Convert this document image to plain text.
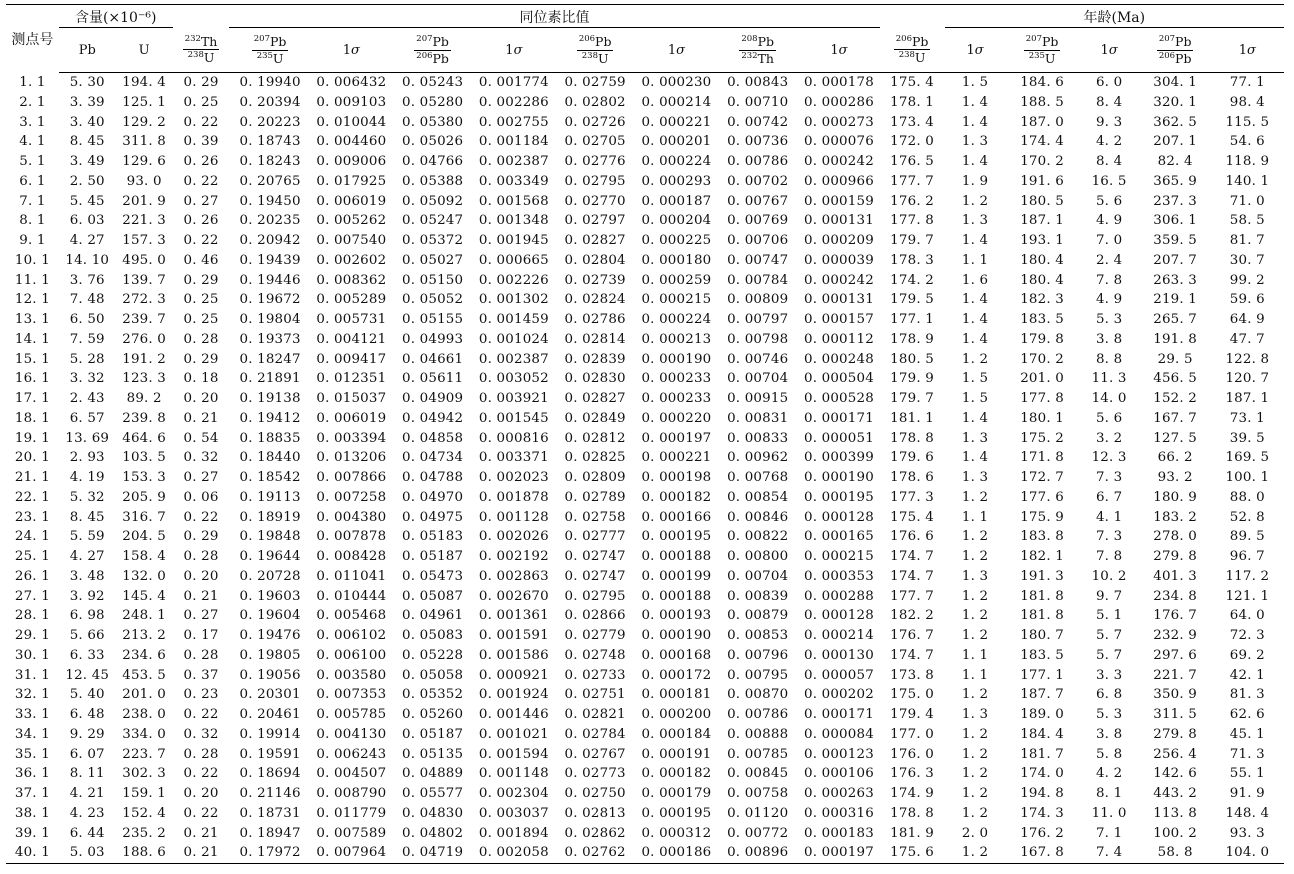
测点号	含量(×10⁻⁶)			同位素比值									年龄(Ma)				
	Pb	U	$\frac{^{232}Th}{^{238}U}$	$\frac{^{207}Pb}{^{235}U}$	1σ	$\frac{^{207}Pb}{^{206}Pb}$	1σ	$\frac{^{206}Pb}{^{238}U}$	1σ	$\frac{^{208}Pb}{^{232}Th}$	1σ	$\frac{^{206}Pb}{^{238}U}$	1σ	$\frac{^{207}Pb}{^{235}U}$	1σ	$\frac{^{207}Pb}{^{206}Pb}$	1σ
1. 1	5. 30	194. 4	0. 29	0. 19940	0. 006432	0. 05243	0. 001774	0. 02759	0. 000230	0. 00843	0. 000178	175. 4	1. 5	184. 6	6. 0	304. 1	77. 1
2. 1	3. 39	125. 1	0. 25	0. 20394	0. 009103	0. 05280	0. 002286	0. 02802	0. 000214	0. 00710	0. 000286	178. 1	1. 4	188. 5	8. 4	320. 1	98. 4
3. 1	3. 40	129. 2	0. 22	0. 20223	0. 010044	0. 05380	0. 002755	0. 02726	0. 000221	0. 00742	0. 000273	173. 4	1. 4	187. 0	9. 3	362. 5	115. 5
4. 1	8. 45	311. 8	0. 39	0. 18743	0. 004460	0. 05026	0. 001184	0. 02705	0. 000201	0. 00736	0. 000076	172. 0	1. 3	174. 4	4. 2	207. 1	54. 6
5. 1	3. 49	129. 6	0. 26	0. 18243	0. 009006	0. 04766	0. 002387	0. 02776	0. 000224	0. 00786	0. 000242	176. 5	1. 4	170. 2	8. 4	82. 4	118. 9
6. 1	2. 50	93. 0	0. 22	0. 20765	0. 017925	0. 05388	0. 003349	0. 02795	0. 000293	0. 00702	0. 000966	177. 7	1. 9	191. 6	16. 5	365. 9	140. 1
7. 1	5. 45	201. 9	0. 27	0. 19450	0. 006019	0. 05092	0. 001568	0. 02770	0. 000187	0. 00767	0. 000159	176. 2	1. 2	180. 5	5. 6	237. 3	71. 0
8. 1	6. 03	221. 3	0. 26	0. 20235	0. 005262	0. 05247	0. 001348	0. 02797	0. 000204	0. 00769	0. 000131	177. 8	1. 3	187. 1	4. 9	306. 1	58. 5
9. 1	4. 27	157. 3	0. 22	0. 20942	0. 007540	0. 05372	0. 001945	0. 02827	0. 000225	0. 00706	0. 000209	179. 7	1. 4	193. 1	7. 0	359. 5	81. 7
10. 1	14. 10	495. 0	0. 46	0. 19439	0. 002602	0. 05027	0. 000665	0. 02804	0. 000180	0. 00747	0. 000039	178. 3	1. 1	180. 4	2. 4	207. 7	30. 7
11. 1	3. 76	139. 7	0. 29	0. 19446	0. 008362	0. 05150	0. 002226	0. 02739	0. 000259	0. 00784	0. 000242	174. 2	1. 6	180. 4	7. 8	263. 3	99. 2
12. 1	7. 48	272. 3	0. 25	0. 19672	0. 005289	0. 05052	0. 001302	0. 02824	0. 000215	0. 00809	0. 000131	179. 5	1. 4	182. 3	4. 9	219. 1	59. 6
13. 1	6. 50	239. 7	0. 25	0. 19804	0. 005731	0. 05155	0. 001459	0. 02786	0. 000224	0. 00797	0. 000157	177. 1	1. 4	183. 5	5. 3	265. 7	64. 9
14. 1	7. 59	276. 0	0. 28	0. 19373	0. 004121	0. 04993	0. 001024	0. 02814	0. 000213	0. 00798	0. 000112	178. 9	1. 4	179. 8	3. 8	191. 8	47. 7
15. 1	5. 28	191. 2	0. 29	0. 18247	0. 009417	0. 04661	0. 002387	0. 02839	0. 000190	0. 00746	0. 000248	180. 5	1. 2	170. 2	8. 8	29. 5	122. 8
16. 1	3. 32	123. 3	0. 18	0. 21891	0. 012351	0. 05611	0. 003052	0. 02830	0. 000233	0. 00704	0. 000504	179. 9	1. 5	201. 0	11. 3	456. 5	120. 7
17. 1	2. 43	89. 2	0. 20	0. 19138	0. 015037	0. 04909	0. 003921	0. 02827	0. 000233	0. 00915	0. 000528	179. 7	1. 5	177. 8	14. 0	152. 2	187. 1
18. 1	6. 57	239. 8	0. 21	0. 19412	0. 006019	0. 04942	0. 001545	0. 02849	0. 000220	0. 00831	0. 000171	181. 1	1. 4	180. 1	5. 6	167. 7	73. 1
19. 1	13. 69	464. 6	0. 54	0. 18835	0. 003394	0. 04858	0. 000816	0. 02812	0. 000197	0. 00833	0. 000051	178. 8	1. 3	175. 2	3. 2	127. 5	39. 5
20. 1	2. 93	103. 5	0. 32	0. 18440	0. 013206	0. 04734	0. 003371	0. 02825	0. 000221	0. 00962	0. 000399	179. 6	1. 4	171. 8	12. 3	66. 2	169. 5
21. 1	4. 19	153. 3	0. 27	0. 18542	0. 007866	0. 04788	0. 002023	0. 02809	0. 000198	0. 00768	0. 000190	178. 6	1. 3	172. 7	7. 3	93. 2	100. 1
22. 1	5. 32	205. 9	0. 06	0. 19113	0. 007258	0. 04970	0. 001878	0. 02789	0. 000182	0. 00854	0. 000195	177. 3	1. 2	177. 6	6. 7	180. 9	88. 0
23. 1	8. 45	316. 7	0. 22	0. 18919	0. 004380	0. 04975	0. 001128	0. 02758	0. 000166	0. 00846	0. 000128	175. 4	1. 1	175. 9	4. 1	183. 2	52. 8
24. 1	5. 59	204. 5	0. 29	0. 19848	0. 007878	0. 05183	0. 002026	0. 02777	0. 000195	0. 00822	0. 000165	176. 6	1. 2	183. 8	7. 3	278. 0	89. 5
25. 1	4. 27	158. 4	0. 28	0. 19644	0. 008428	0. 05187	0. 002192	0. 02747	0. 000188	0. 00800	0. 000215	174. 7	1. 2	182. 1	7. 8	279. 8	96. 7
26. 1	3. 48	132. 0	0. 20	0. 20728	0. 011041	0. 05473	0. 002863	0. 02747	0. 000199	0. 00704	0. 000353	174. 7	1. 3	191. 3	10. 2	401. 3	117. 2
27. 1	3. 92	145. 4	0. 21	0. 19603	0. 010444	0. 05087	0. 002670	0. 02795	0. 000188	0. 00839	0. 000288	177. 7	1. 2	181. 8	9. 7	234. 8	121. 1
28. 1	6. 98	248. 1	0. 27	0. 19604	0. 005468	0. 04961	0. 001361	0. 02866	0. 000193	0. 00879	0. 000128	182. 2	1. 2	181. 8	5. 1	176. 7	64. 0
29. 1	5. 66	213. 2	0. 17	0. 19476	0. 006102	0. 05083	0. 001591	0. 02779	0. 000190	0. 00853	0. 000214	176. 7	1. 2	180. 7	5. 7	232. 9	72. 3
30. 1	6. 33	234. 6	0. 28	0. 19805	0. 006100	0. 05228	0. 001586	0. 02748	0. 000168	0. 00796	0. 000130	174. 7	1. 1	183. 5	5. 7	297. 6	69. 2
31. 1	12. 45	453. 5	0. 37	0. 19056	0. 003580	0. 05058	0. 000921	0. 02733	0. 000172	0. 00795	0. 000057	173. 8	1. 1	177. 1	3. 3	221. 7	42. 1
32. 1	5. 40	201. 0	0. 23	0. 20301	0. 007353	0. 05352	0. 001924	0. 02751	0. 000181	0. 00870	0. 000202	175. 0	1. 2	187. 7	6. 8	350. 9	81. 3
33. 1	6. 48	238. 0	0. 22	0. 20461	0. 005785	0. 05260	0. 001446	0. 02821	0. 000200	0. 00786	0. 000171	179. 4	1. 3	189. 0	5. 3	311. 5	62. 6
34. 1	9. 29	334. 0	0. 32	0. 19914	0. 004130	0. 05187	0. 001021	0. 02784	0. 000184	0. 00888	0. 000084	177. 0	1. 2	184. 4	3. 8	279. 8	45. 1
35. 1	6. 07	223. 7	0. 28	0. 19591	0. 006243	0. 05135	0. 001594	0. 02767	0. 000191	0. 00785	0. 000123	176. 0	1. 2	181. 7	5. 8	256. 4	71. 3
36. 1	8. 11	302. 3	0. 22	0. 18694	0. 004507	0. 04889	0. 001148	0. 02773	0. 000182	0. 00845	0. 000106	176. 3	1. 2	174. 0	4. 2	142. 6	55. 1
37. 1	4. 21	159. 1	0. 20	0. 21146	0. 008790	0. 05577	0. 002304	0. 02750	0. 000179	0. 00758	0. 000263	174. 9	1. 2	194. 8	8. 1	443. 2	91. 9
38. 1	4. 23	152. 4	0. 22	0. 18731	0. 011779	0. 04830	0. 003037	0. 02813	0. 000195	0. 01120	0. 000316	178. 8	1. 2	174. 3	11. 0	113. 8	148. 4
39. 1	6. 44	235. 2	0. 21	0. 18947	0. 007589	0. 04802	0. 001894	0. 02862	0. 000312	0. 00772	0. 000183	181. 9	2. 0	176. 2	7. 1	100. 2	93. 3
40. 1	5. 03	188. 6	0. 21	0. 17972	0. 007964	0. 04719	0. 002058	0. 02762	0. 000186	0. 00896	0. 000197	175. 6	1. 2	167. 8	7. 4	58. 8	104. 0
